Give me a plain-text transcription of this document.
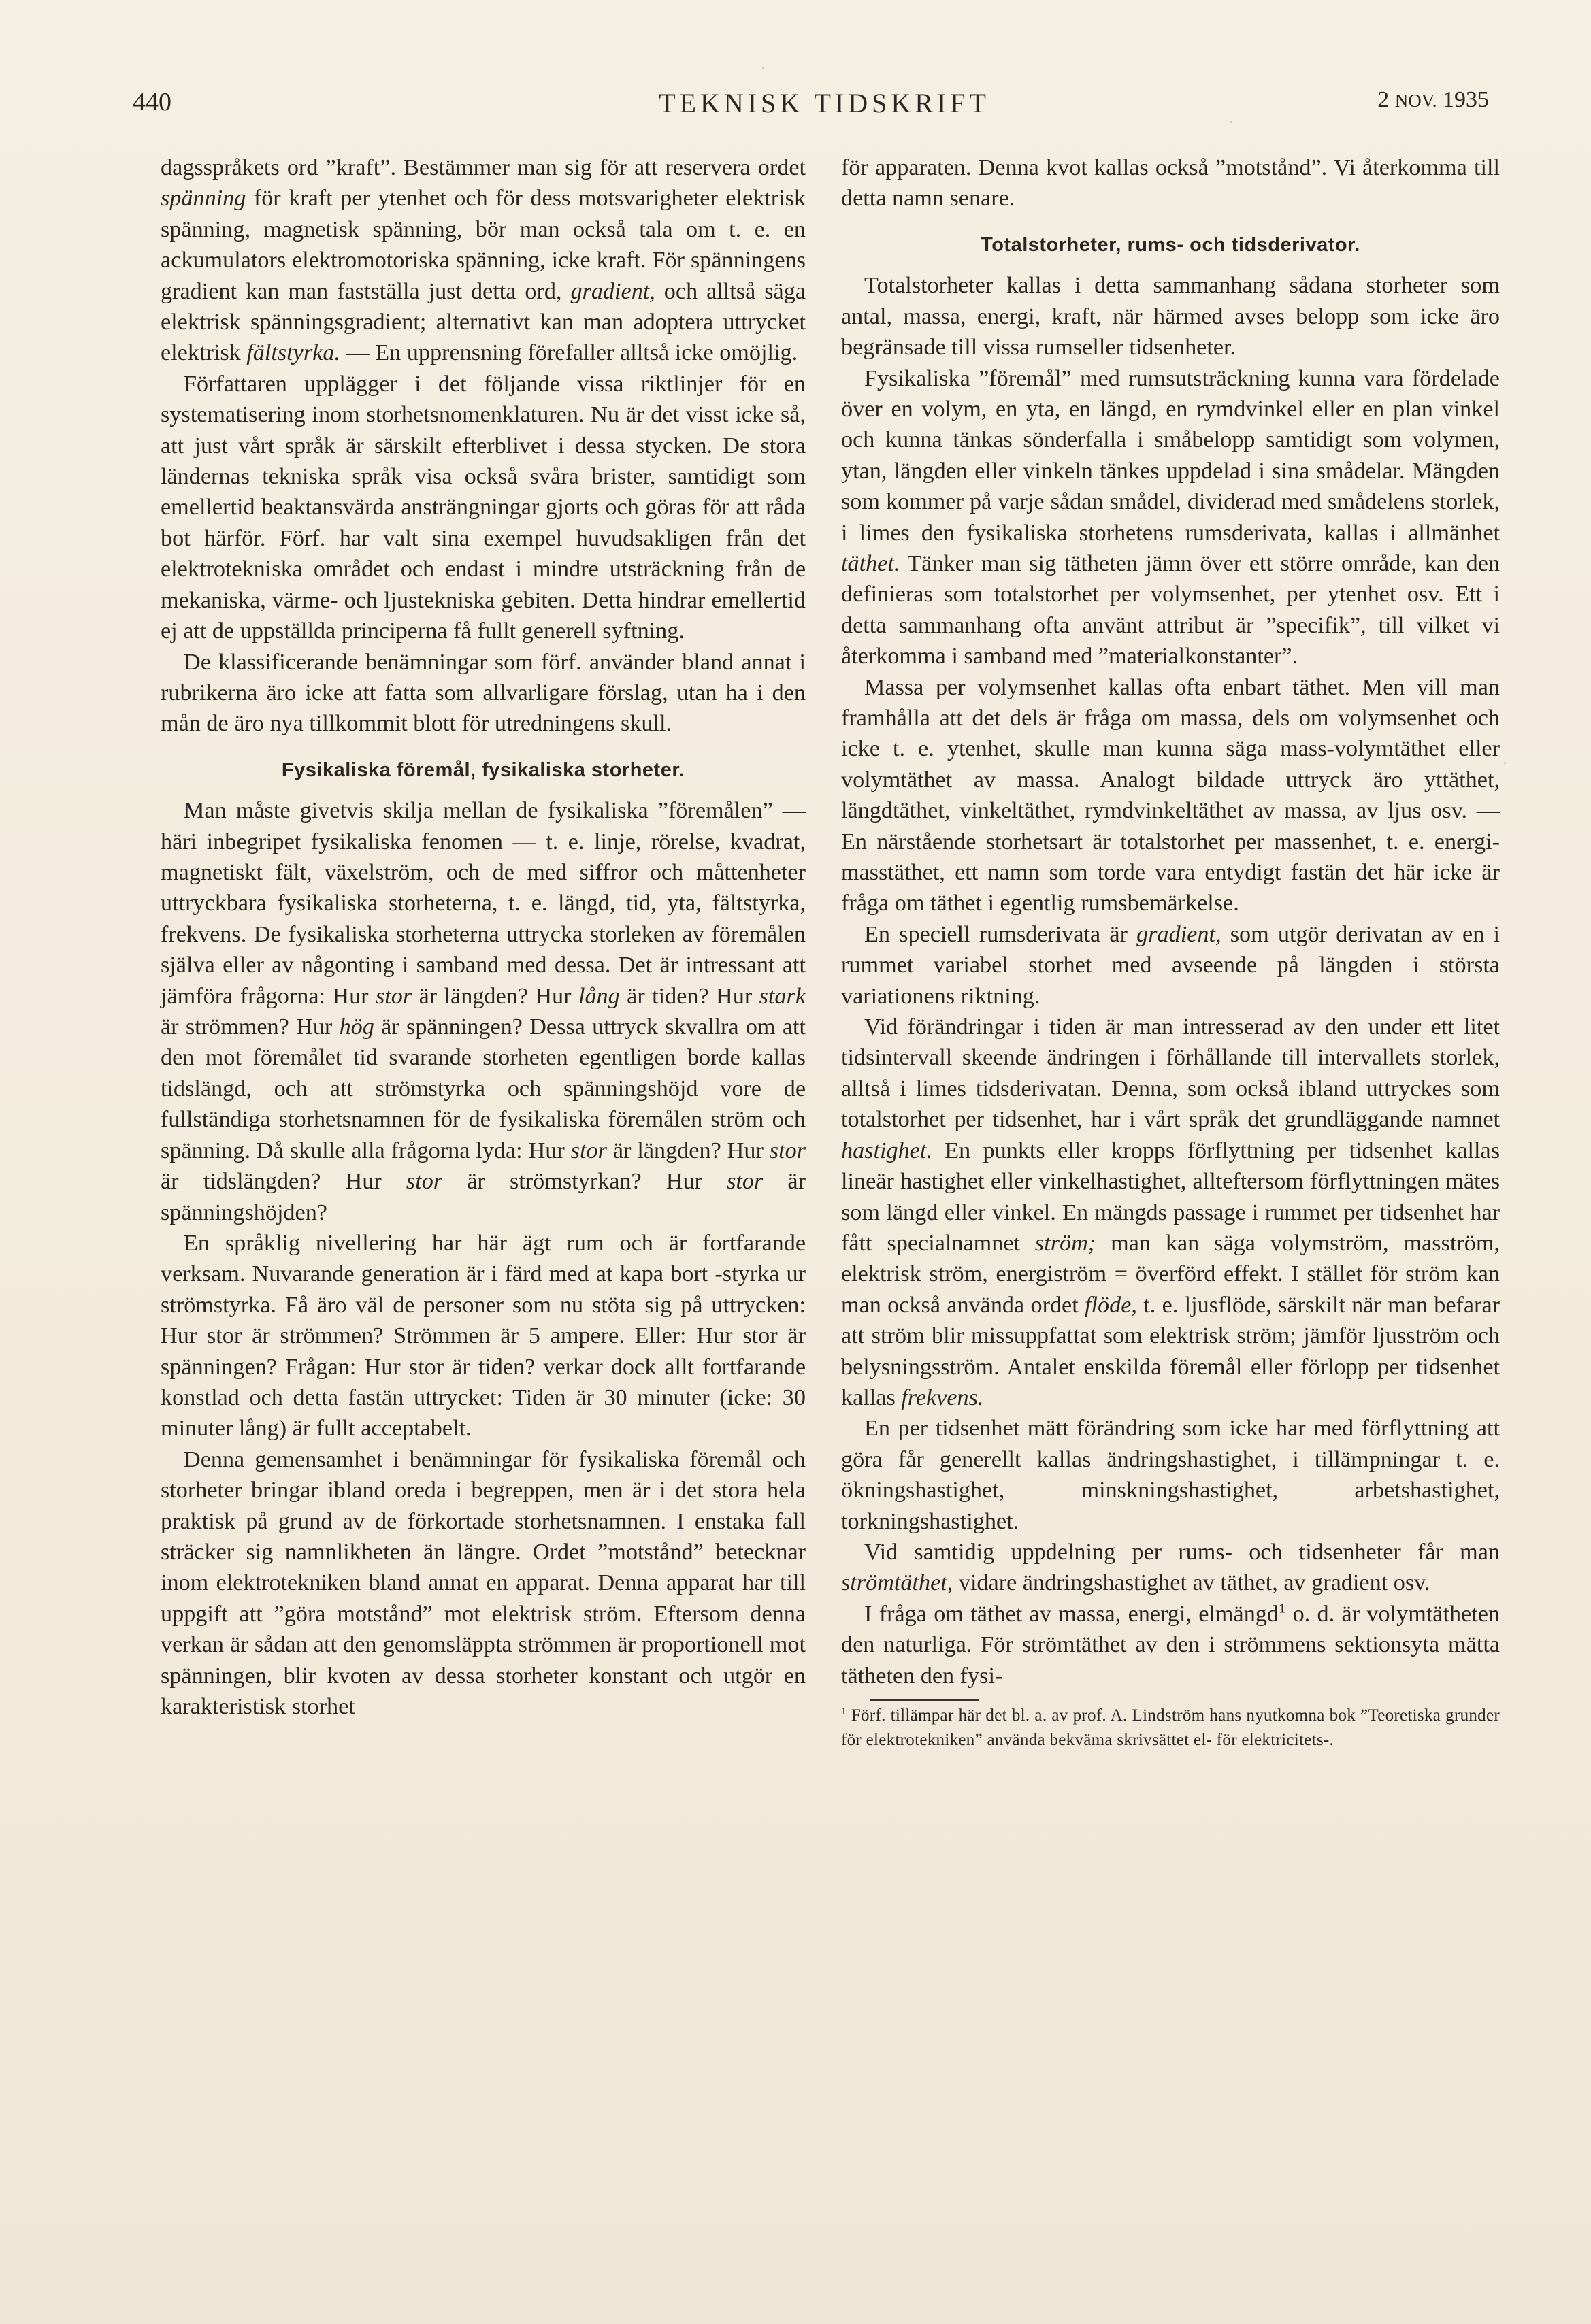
440	TEKNISK TIDSKRIFT	2 NOV. 1935

dagsspråkets ord ”kraft”. Bestämmer man sig för att reservera ordet spänning för kraft per ytenhet och för dess motsvarigheter elektrisk spänning, magnetisk spänning, bör man också tala om t. e. en ackumulators elektromotoriska spänning, icke kraft. För spänningens gradient kan man fastställa just detta ord, gradient, och alltså säga elektrisk spänningsgradient; alternativt kan man adoptera uttrycket elektrisk fältstyrka. — En upprensning förefaller alltså icke omöjlig.

Författaren upplägger i det följande vissa riktlinjer för en systematisering inom storhetsnomenklaturen. Nu är det visst icke så, att just vårt språk är särskilt efterblivet i dessa stycken. De stora ländernas tekniska språk visa också svåra brister, samtidigt som emellertid beaktansvärda ansträngningar gjorts och göras för att råda bot härför. Förf. har valt sina exempel huvudsakligen från det elektrotekniska området och endast i mindre utsträckning från de mekaniska, värme- och ljustekniska gebiten. Detta hindrar emellertid ej att de uppställda principerna få fullt generell syftning.

De klassificerande benämningar som förf. använder bland annat i rubrikerna äro icke att fatta som allvarligare förslag, utan ha i den mån de äro nya tillkommit blott för utredningens skull.

Fysikaliska föremål, fysikaliska storheter.

Man måste givetvis skilja mellan de fysikaliska ”föremålen” — häri inbegripet fysikaliska fenomen — t. e. linje, rörelse, kvadrat, magnetiskt fält, växelström, och de med siffror och måttenheter uttryckbara fysikaliska storheterna, t. e. längd, tid, yta, fältstyrka, frekvens. De fysikaliska storheterna uttrycka storleken av föremålen själva eller av någonting i samband med dessa. Det är intressant att jämföra frågorna: Hur stor är längden? Hur lång är tiden? Hur stark är strömmen? Hur hög är spänningen? Dessa uttryck skvallra om att den mot föremålet tid svarande storheten egentligen borde kallas tidslängd, och att strömstyrka och spänningshöjd vore de fullständiga storhetsnamnen för de fysikaliska föremålen ström och spänning. Då skulle alla frågorna lyda: Hur stor är längden? Hur stor är tidslängden? Hur stor är strömstyrkan? Hur stor är spänningshöjden?

En språklig nivellering har här ägt rum och är fortfarande verksam. Nuvarande generation är i färd med at kapa bort -styrka ur strömstyrka. Få äro väl de personer som nu stöta sig på uttrycken: Hur stor är strömmen? Strömmen är 5 ampere. Eller: Hur stor är spänningen? Frågan: Hur stor är tiden? verkar dock allt fortfarande konstlad och detta fastän uttrycket: Tiden är 30 minuter (icke: 30 minuter lång) är fullt acceptabelt.

Denna gemensamhet i benämningar för fysikaliska föremål och storheter bringar ibland oreda i begreppen, men är i det stora hela praktisk på grund av de förkortade storhetsnamnen. I enstaka fall sträcker sig namnlikheten än längre. Ordet ”motstånd” betecknar inom elektrotekniken bland annat en apparat. Denna apparat har till uppgift att ”göra motstånd” mot elektrisk ström. Eftersom denna verkan är sådan att den genomsläppta strömmen är proportionell mot spänningen, blir kvoten av dessa storheter konstant och utgör en karakteristisk storhet

för apparaten. Denna kvot kallas också ”motstånd”. Vi återkomma till detta namn senare.

Totalstorheter, rums- och tidsderivator.

Totalstorheter kallas i detta sammanhang sådana storheter som antal, massa, energi, kraft, när härmed avses belopp som icke äro begränsade till vissa rumseller tidsenheter.

Fysikaliska ”föremål” med rumsutsträckning kunna vara fördelade över en volym, en yta, en längd, en rymdvinkel eller en plan vinkel och kunna tänkas sönderfalla i småbelopp samtidigt som volymen, ytan, längden eller vinkeln tänkes uppdelad i sina smådelar. Mängden som kommer på varje sådan smådel, dividerad med smådelens storlek, i limes den fysikaliska storhetens rumsderivata, kallas i allmänhet täthet. Tänker man sig tätheten jämn över ett större område, kan den definieras som totalstorhet per volymsenhet, per ytenhet osv. Ett i detta sammanhang ofta använt attribut är ”specifik”, till vilket vi återkomma i samband med ”materialkonstanter”.

Massa per volymsenhet kallas ofta enbart täthet. Men vill man framhålla att det dels är fråga om massa, dels om volymsenhet och icke t. e. ytenhet, skulle man kunna säga mass-volymtäthet eller volymtäthet av massa. Analogt bildade uttryck äro yttäthet, längdtäthet, vinkeltäthet, rymdvinkeltäthet av massa, av ljus osv. — En närstående storhetsart är totalstorhet per massenhet, t. e. energi-masstäthet, ett namn som torde vara entydigt fastän det här icke är fråga om täthet i egentlig rumsbemärkelse.

En speciell rumsderivata är gradient, som utgör derivatan av en i rummet variabel storhet med avseende på längden i största variationens riktning.

Vid förändringar i tiden är man intresserad av den under ett litet tidsintervall skeende ändringen i förhållande till intervallets storlek, alltså i limes tidsderivatan. Denna, som också ibland uttryckes som totalstorhet per tidsenhet, har i vårt språk det grundläggande namnet hastighet. En punkts eller kropps förflyttning per tidsenhet kallas lineär hastighet eller vinkelhastighet, allteftersom förflyttningen mätes som längd eller vinkel. En mängds passage i rummet per tidsenhet har fått specialnamnet ström; man kan säga volymström, masström, elektrisk ström, energiström = överförd effekt. I stället för ström kan man också använda ordet flöde, t. e. ljusflöde, särskilt när man befarar att ström blir missuppfattat som elektrisk ström; jämför ljusström och belysningsström. Antalet enskilda föremål eller förlopp per tidsenhet kallas frekvens.

En per tidsenhet mätt förändring som icke har med förflyttning att göra får generellt kallas ändringshastighet, i tillämpningar t. e. ökningshastighet, minskningshastighet, arbetshastighet, torkningshastighet.

Vid samtidig uppdelning per rums- och tidsenheter får man strömtäthet, vidare ändringshastighet av täthet, av gradient osv.

I fråga om täthet av massa, energi, elmängd$^1$ o. d. är volymtätheten den naturliga. För strömtäthet av den i strömmens sektionsyta mätta tätheten den fysi-

$^1$ Förf. tillämpar här det bl. a. av prof. A. Lindström hans nyutkomna bok ”Teoretiska grunder för elektrotekniken” använda bekväma skrivsättet el- för elektricitets-.
